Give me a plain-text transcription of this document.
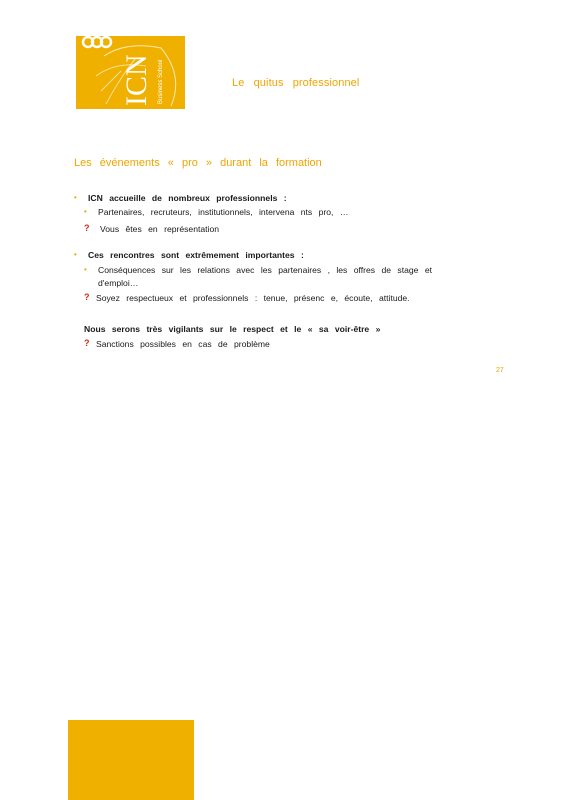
ICN Business School	Le quitus professionnel
Les événements « pro » durant la formation
• ICN accueille de nombreux professionnels :
• Partenaires, recruteurs, institutionnels, intervena nts pro, …
? Vous êtes en représentation
• Ces rencontres sont extrêmement importantes :
• Conséquences sur les relations avec les partenaires , les offres de stage et
d'emploi…
? Soyez respectueux et professionnels : tenue, présenc e, écoute, attitude.
Nous serons très vigilants sur le respect et le « sa voir-être »
? Sanctions possibles en cas de problème
27
